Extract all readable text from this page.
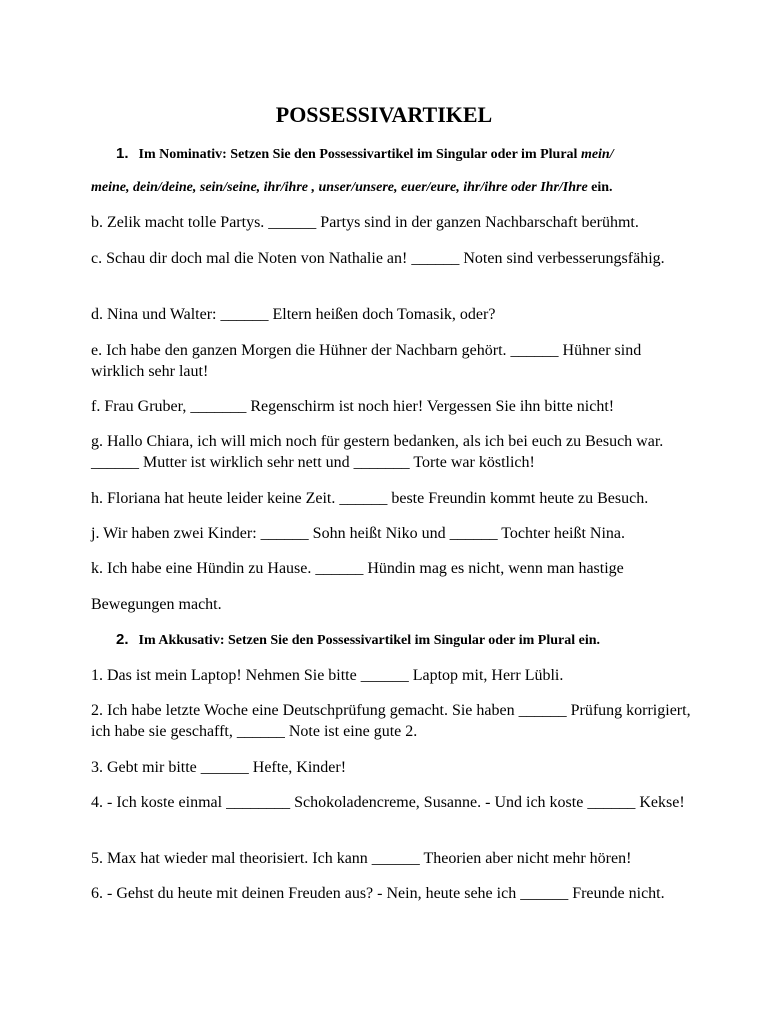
POSSESSIVARTIKEL
1. Im Nominativ: Setzen Sie den Possessivartikel im Singular oder im Plural mein/
meine, dein/deine, sein/seine, ihr/ihre , unser/unsere, euer/eure, ihr/ihre oder Ihr/Ihre ein.
b. Zelik macht tolle Partys. ______ Partys sind in der ganzen Nachbarschaft berühmt.
c. Schau dir doch mal die Noten von Nathalie an! ______ Noten sind verbesserungsfähig.
d. Nina und Walter: ______ Eltern heißen doch Tomasik, oder?
e. Ich habe den ganzen Morgen die Hühner der Nachbarn gehört. ______ Hühner sind wirklich sehr laut!
f. Frau Gruber, _______ Regenschirm ist noch hier! Vergessen Sie ihn bitte nicht!
g. Hallo Chiara, ich will mich noch für gestern bedanken, als ich bei euch zu Besuch war. ______ Mutter ist wirklich sehr nett und _______ Torte war köstlich!
h. Floriana hat heute leider keine Zeit. ______ beste Freundin kommt heute zu Besuch.
j. Wir haben zwei Kinder: ______ Sohn heißt Niko und ______ Tochter heißt Nina.
k. Ich habe eine Hündin zu Hause. ______ Hündin mag es nicht, wenn man hastige
Bewegungen macht.
2. Im Akkusativ: Setzen Sie den Possessivartikel im Singular oder im Plural ein.
1. Das ist mein Laptop! Nehmen Sie bitte ______ Laptop mit, Herr Lübli.
2. Ich habe letzte Woche eine Deutschprüfung gemacht. Sie haben ______ Prüfung korrigiert, ich habe sie geschafft, ______ Note ist eine gute 2.
3. Gebt mir bitte ______ Hefte, Kinder!
4. - Ich koste einmal ________ Schokoladencreme, Susanne. - Und ich koste ______ Kekse!
5. Max hat wieder mal theorisiert. Ich kann ______ Theorien aber nicht mehr hören!
6. - Gehst du heute mit deinen Freuden aus? - Nein, heute sehe ich ______ Freunde nicht.
